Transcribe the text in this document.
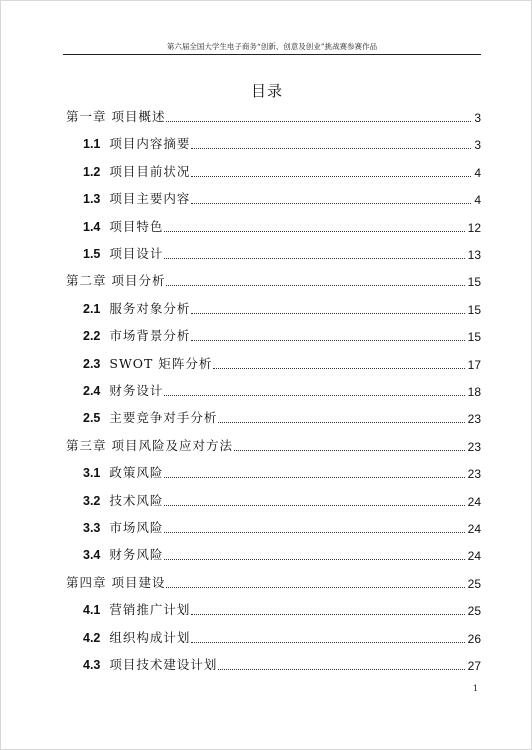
第六届全国大学生电子商务“创新、创意及创业”挑战赛参赛作品
目录
第一章 项目概述	3
1.1 项目内容摘要	3
1.2 项目目前状况	4
1.3 项目主要内容	4
1.4 项目特色	12
1.5 项目设计	13
第二章 项目分析	15
2.1 服务对象分析	15
2.2 市场背景分析	15
2.3 SWOT 矩阵分析	17
2.4 财务设计	18
2.5 主要竞争对手分析	23
第三章 项目风险及应对方法	23
3.1 政策风险	23
3.2 技术风险	24
3.3 市场风险	24
3.4 财务风险	24
第四章 项目建设	25
4.1 营销推广计划	25
4.2 组织构成计划	26
4.3 项目技术建设计划	27
1
